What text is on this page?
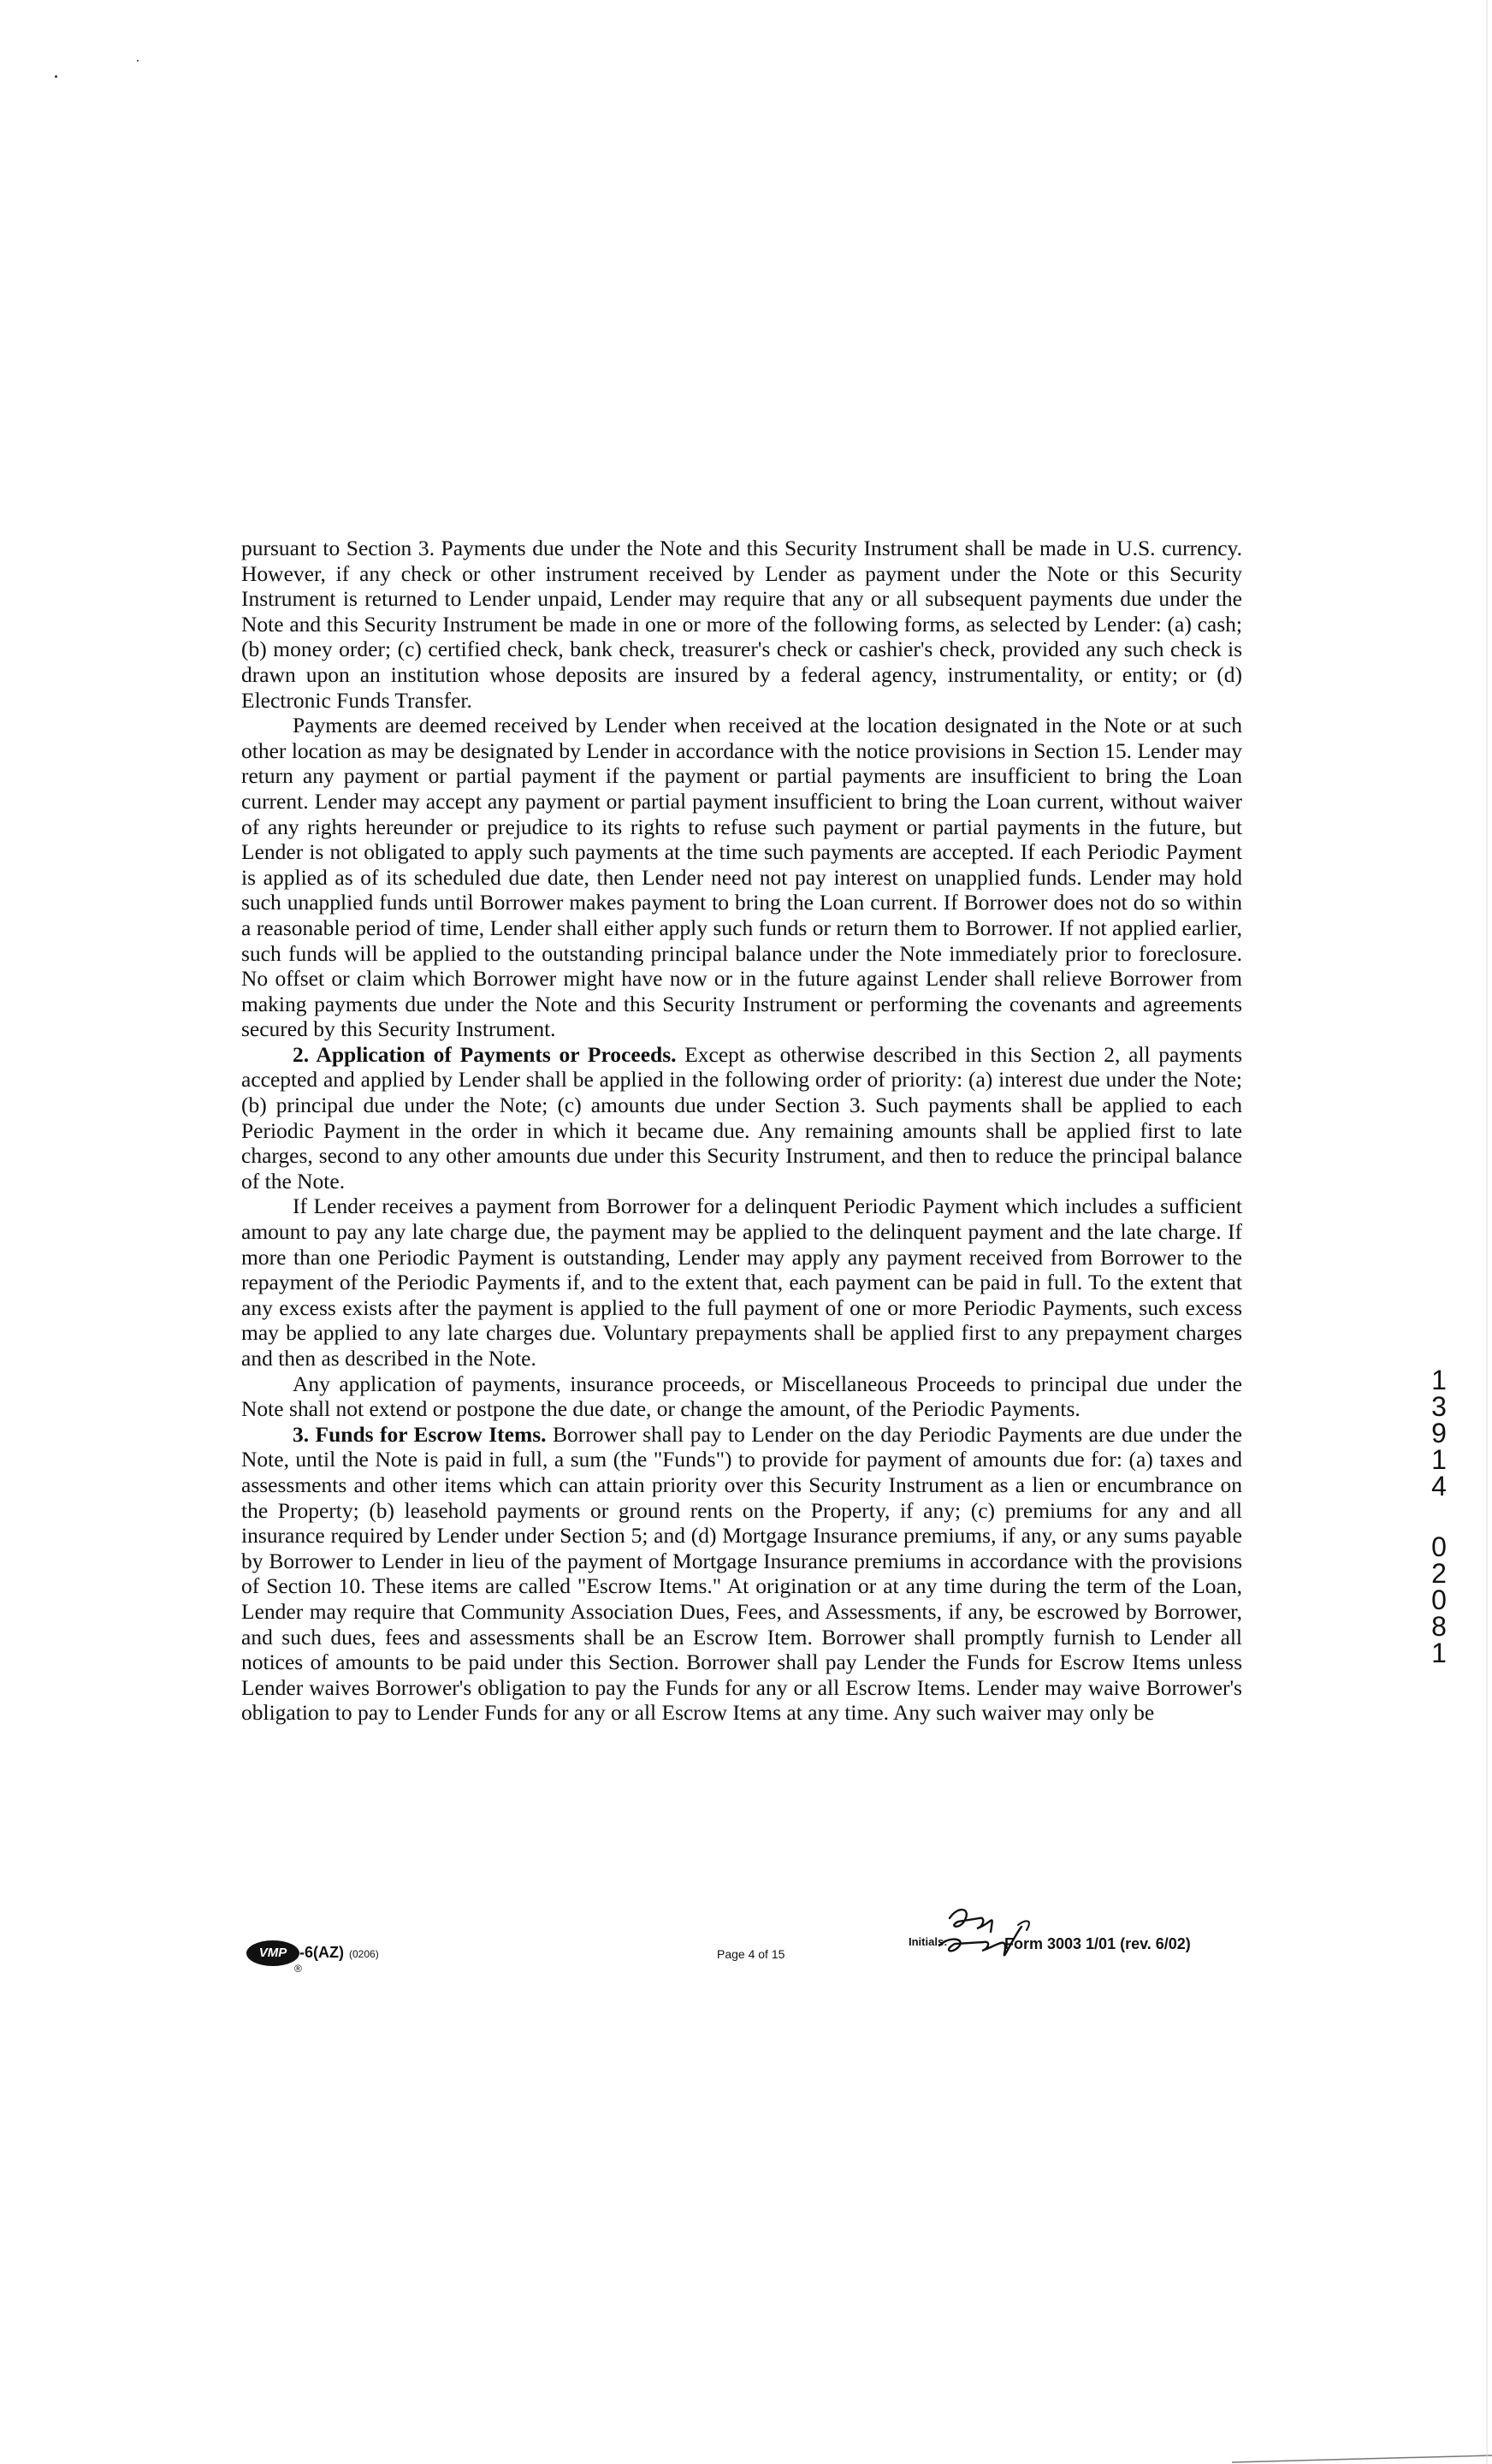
pursuant to Section 3. Payments due under the Note and this Security Instrument shall be made in U.S. currency. However, if any check or other instrument received by Lender as payment under the Note or this Security Instrument is returned to Lender unpaid, Lender may require that any or all subsequent payments due under the Note and this Security Instrument be made in one or more of the following forms, as selected by Lender: (a) cash; (b) money order; (c) certified check, bank check, treasurer's check or cashier's check, provided any such check is drawn upon an institution whose deposits are insured by a federal agency, instrumentality, or entity; or (d) Electronic Funds Transfer.

Payments are deemed received by Lender when received at the location designated in the Note or at such other location as may be designated by Lender in accordance with the notice provisions in Section 15. Lender may return any payment or partial payment if the payment or partial payments are insufficient to bring the Loan current. Lender may accept any payment or partial payment insufficient to bring the Loan current, without waiver of any rights hereunder or prejudice to its rights to refuse such payment or partial payments in the future, but Lender is not obligated to apply such payments at the time such payments are accepted. If each Periodic Payment is applied as of its scheduled due date, then Lender need not pay interest on unapplied funds. Lender may hold such unapplied funds until Borrower makes payment to bring the Loan current. If Borrower does not do so within a reasonable period of time, Lender shall either apply such funds or return them to Borrower. If not applied earlier, such funds will be applied to the outstanding principal balance under the Note immediately prior to foreclosure. No offset or claim which Borrower might have now or in the future against Lender shall relieve Borrower from making payments due under the Note and this Security Instrument or performing the covenants and agreements secured by this Security Instrument.

2. Application of Payments or Proceeds. Except as otherwise described in this Section 2, all payments accepted and applied by Lender shall be applied in the following order of priority: (a) interest due under the Note; (b) principal due under the Note; (c) amounts due under Section 3. Such payments shall be applied to each Periodic Payment in the order in which it became due. Any remaining amounts shall be applied first to late charges, second to any other amounts due under this Security Instrument, and then to reduce the principal balance of the Note.

If Lender receives a payment from Borrower for a delinquent Periodic Payment which includes a sufficient amount to pay any late charge due, the payment may be applied to the delinquent payment and the late charge. If more than one Periodic Payment is outstanding, Lender may apply any payment received from Borrower to the repayment of the Periodic Payments if, and to the extent that, each payment can be paid in full. To the extent that any excess exists after the payment is applied to the full payment of one or more Periodic Payments, such excess may be applied to any late charges due. Voluntary prepayments shall be applied first to any prepayment charges and then as described in the Note.

Any application of payments, insurance proceeds, or Miscellaneous Proceeds to principal due under the Note shall not extend or postpone the due date, or change the amount, of the Periodic Payments.

3. Funds for Escrow Items. Borrower shall pay to Lender on the day Periodic Payments are due under the Note, until the Note is paid in full, a sum (the "Funds") to provide for payment of amounts due for: (a) taxes and assessments and other items which can attain priority over this Security Instrument as a lien or encumbrance on the Property; (b) leasehold payments or ground rents on the Property, if any; (c) premiums for any and all insurance required by Lender under Section 5; and (d) Mortgage Insurance premiums, if any, or any sums payable by Borrower to Lender in lieu of the payment of Mortgage Insurance premiums in accordance with the provisions of Section 10. These items are called "Escrow Items." At origination or at any time during the term of the Loan, Lender may require that Community Association Dues, Fees, and Assessments, if any, be escrowed by Borrower, and such dues, fees and assessments shall be an Escrow Item. Borrower shall promptly furnish to Lender all notices of amounts to be paid under this Section. Borrower shall pay Lender the Funds for Escrow Items unless Lender waives Borrower's obligation to pay the Funds for any or all Escrow Items. Lender may waive Borrower's obligation to pay to Lender Funds for any or all Escrow Items at any time. Any such waiver may only be

1
3
9
1
4
0
2
0
8
1
VMP
®
-6(AZ) (0206)	Page 4 of 15
Initials:	Form 3003 1/01 (rev. 6/02)
